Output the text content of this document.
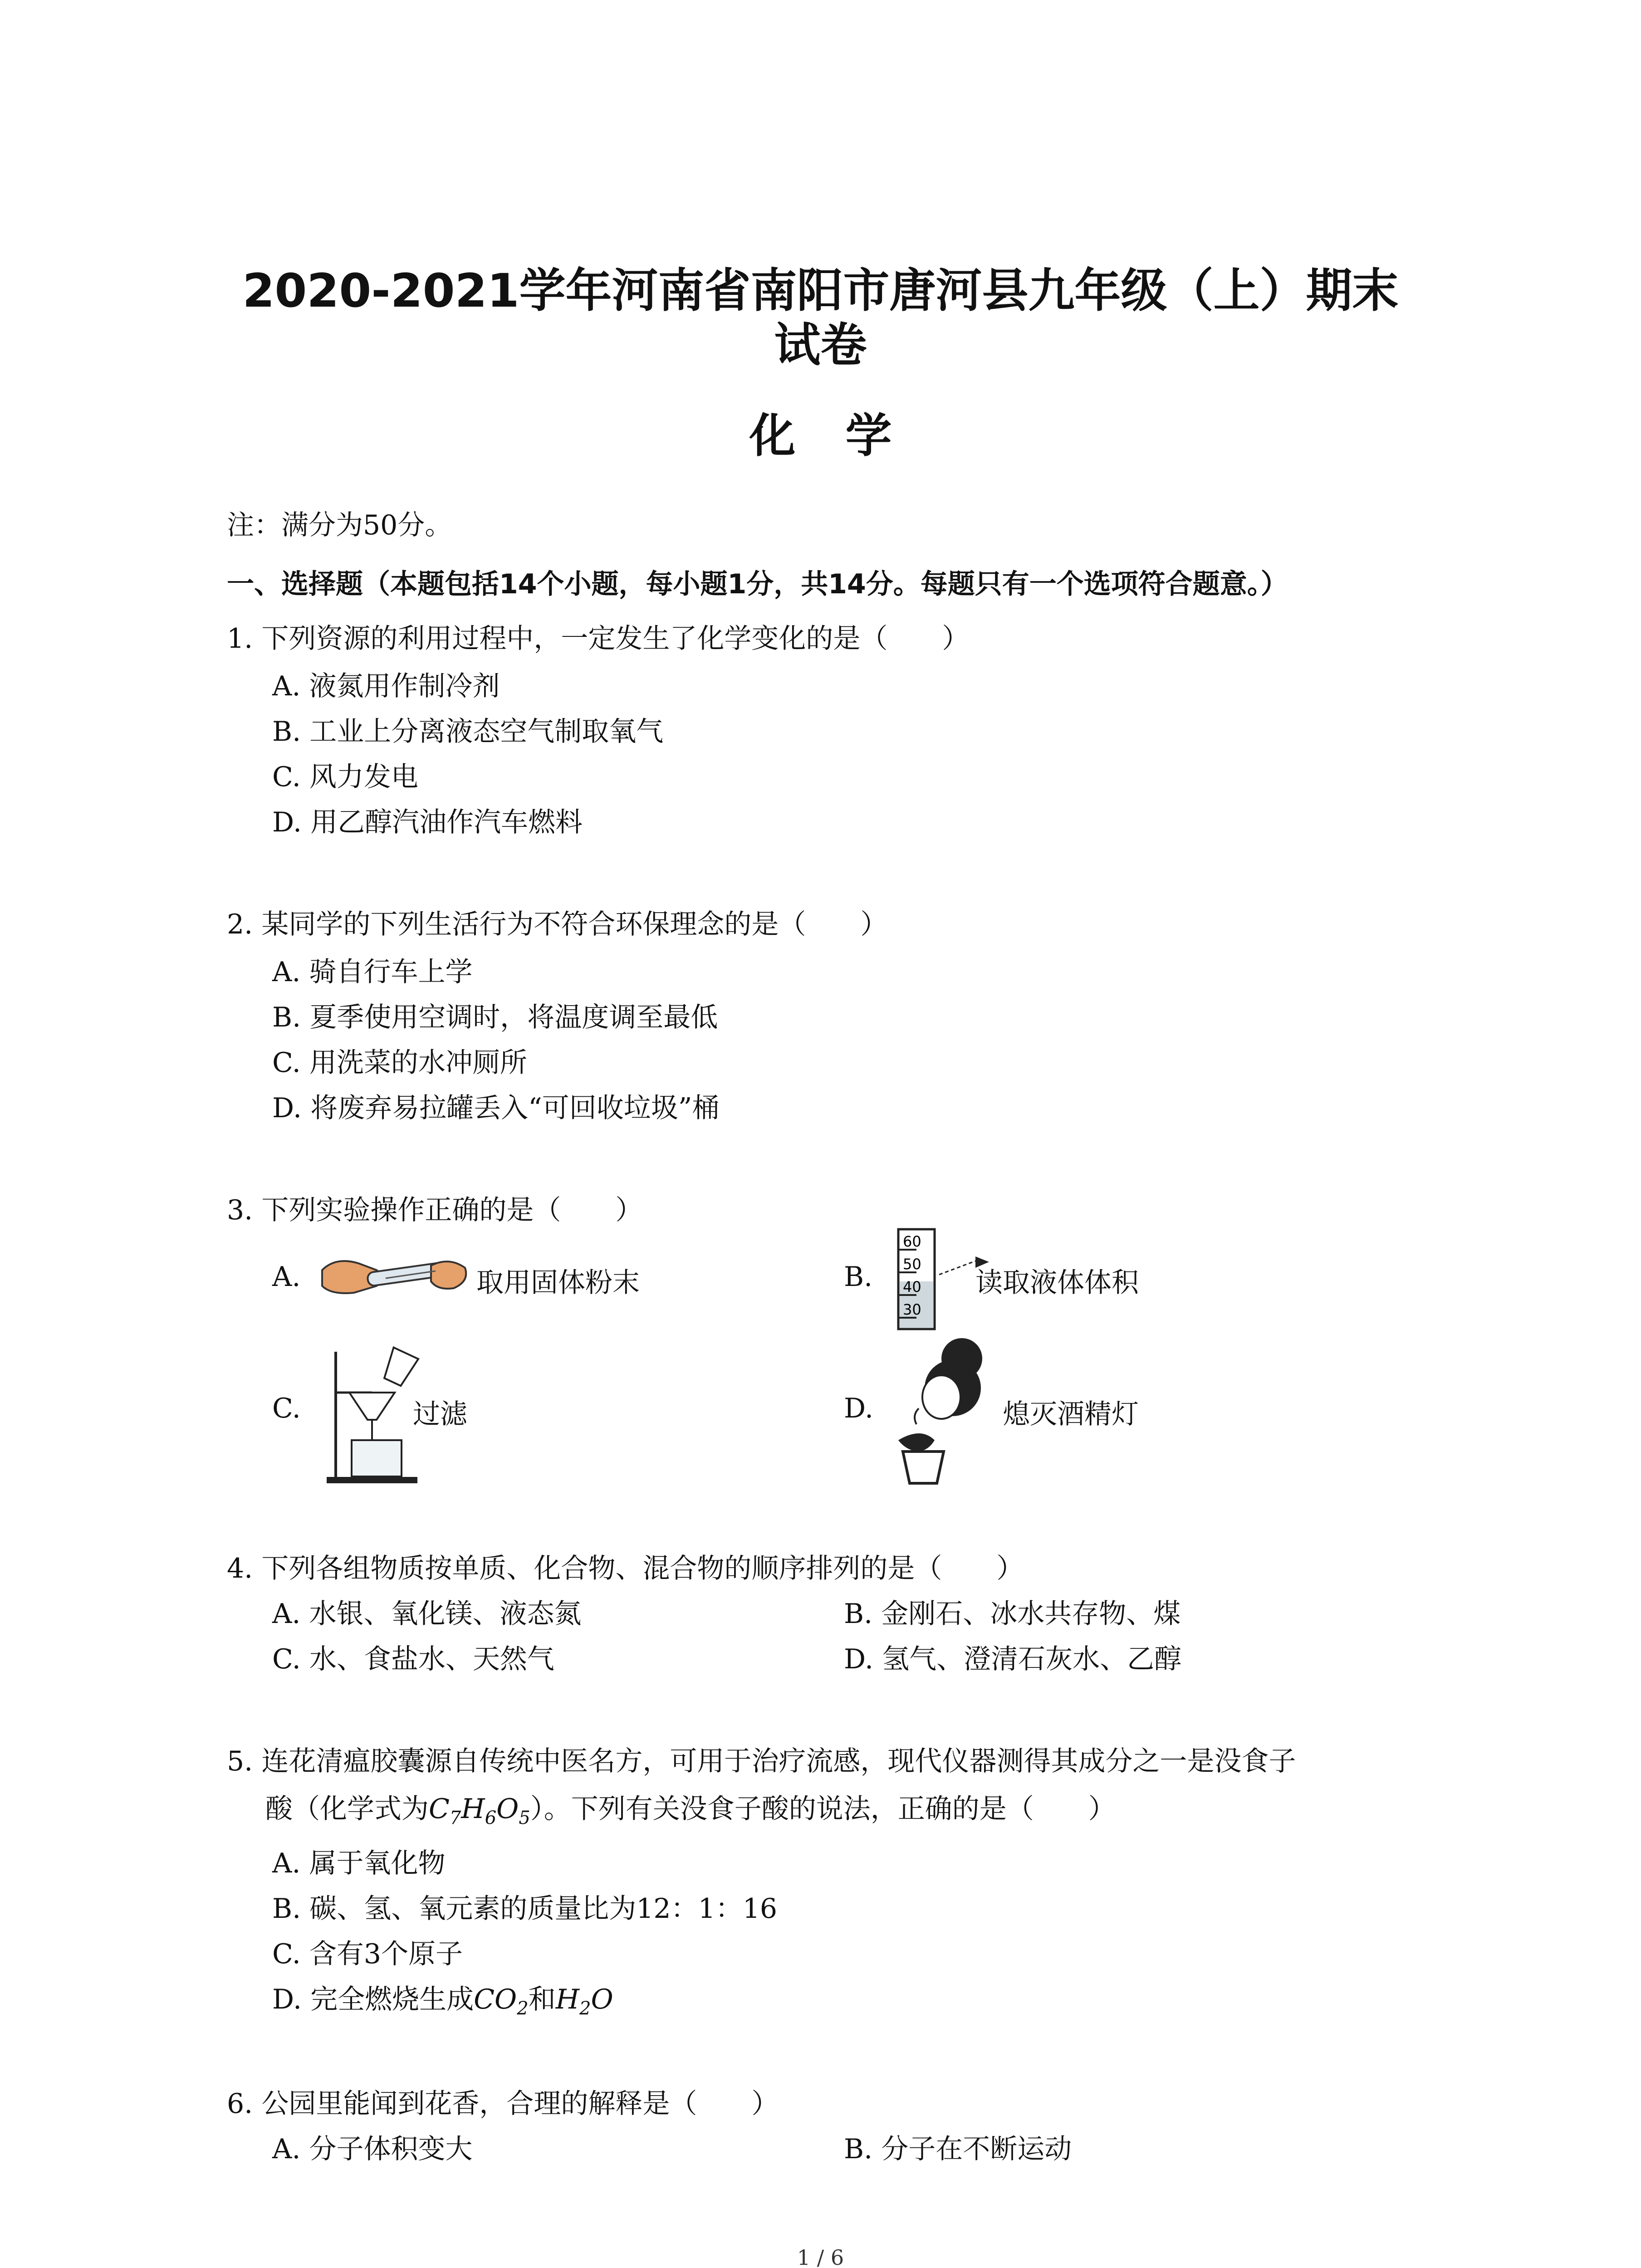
2020-2021学年河南省南阳市唐河县九年级（上）期末
试卷
化学
注：满分为50分。
一、选择题（本题包括14个小题，每小题1分，共14分。每题只有一个选项符合题意。）
1. 下列资源的利用过程中，一定发生了化学变化的是（　　）
A. 液氮用作制冷剂
B. 工业上分离液态空气制取氧气
C. 风力发电
D. 用乙醇汽油作汽车燃料
2. 某同学的下列生活行为不符合环保理念的是（　　）
A. 骑自行车上学
B. 夏季使用空调时，将温度调至最低
C. 用洗菜的水冲厕所
D. 将废弃易拉罐丢入“可回收垃圾”桶
3. 下列实验操作正确的是（　　）
A.	取用固体粉末	B.
60
50
40
30
读取液体体积
C.	过滤	D.	熄灭酒精灯
4. 下列各组物质按单质、化合物、混合物的顺序排列的是（　　）
A. 水银、氧化镁、液态氮	B. 金刚石、冰水共存物、煤
C. 水、食盐水、天然气	D. 氢气、澄清石灰水、乙醇
5. 连花清瘟胶囊源自传统中医名方，可用于治疗流感，现代仪器测得其成分之一是没食子
酸（化学式为$C_7H_6O_5$）。下列有关没食子酸的说法，正确的是（　　）
A. 属于氧化物
B. 碳、氢、氧元素的质量比为12：1：16
C. 含有3个原子
D. 完全燃烧生成$CO_2$和$H_2O$
6. 公园里能闻到花香，合理的解释是（　　）
A. 分子体积变大	B. 分子在不断运动
1 / 6
